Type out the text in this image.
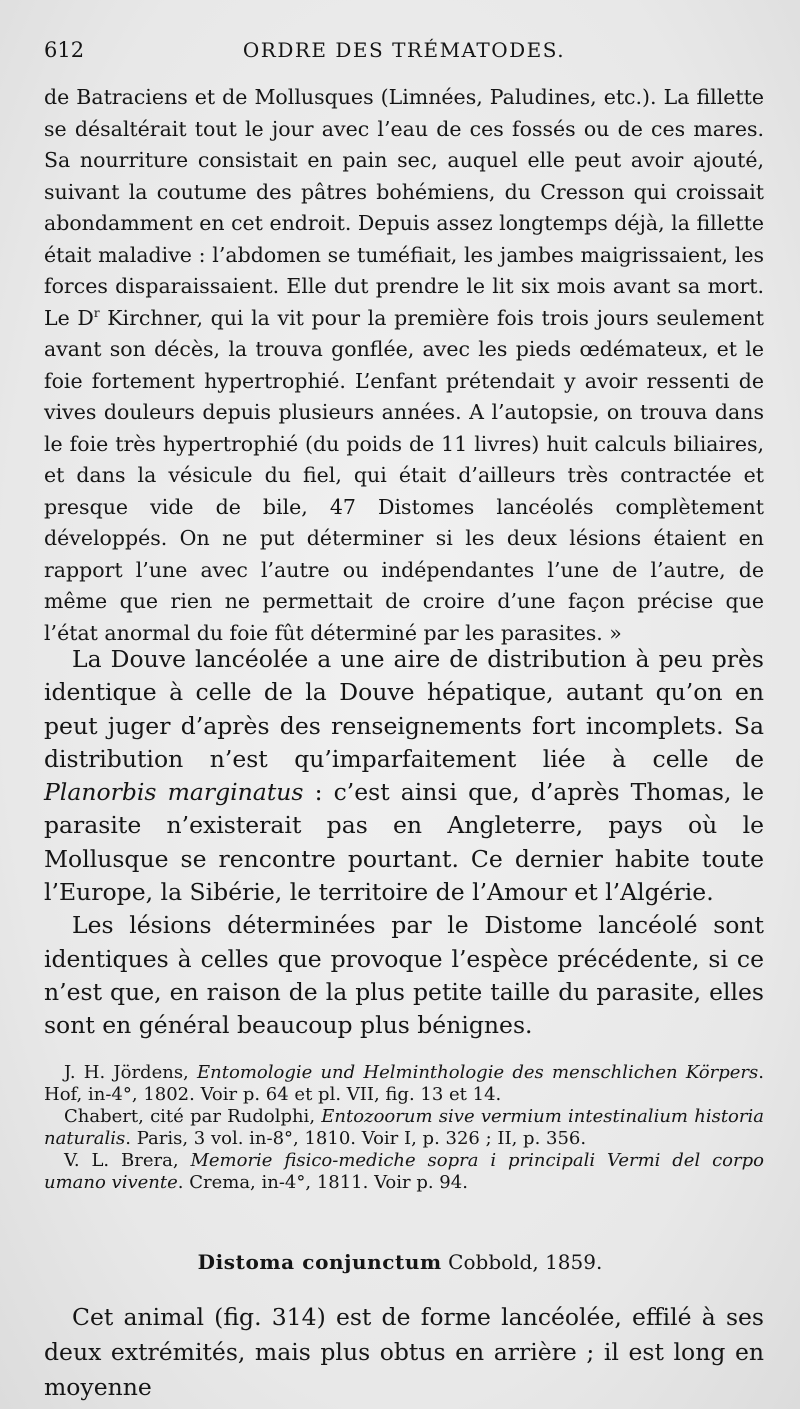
612	ORDRE DES TRÉMATODES.

de Batraciens et de Mollusques (Limnées, Paludines, etc.). La fillette se désaltérait tout le jour avec l’eau de ces fossés ou de ces mares. Sa nourriture consistait en pain sec, auquel elle peut avoir ajouté, suivant la coutume des pâtres bohémiens, du Cresson qui croissait abondamment en cet endroit. Depuis assez longtemps déjà, la fillette était maladive : l’abdomen se tuméfiait, les jambes maigrissaient, les forces disparaissaient. Elle dut prendre le lit six mois avant sa mort. Le $D^r$ Kirchner, qui la vit pour la première fois trois jours seulement avant son décès, la trouva gonflée, avec les pieds œdémateux, et le foie fortement hypertrophié. L’enfant prétendait y avoir ressenti de vives douleurs depuis plusieurs années. A l’autopsie, on trouva dans le foie très hypertrophié (du poids de 11 livres) huit calculs biliaires, et dans la vésicule du fiel, qui était d’ailleurs très contractée et presque vide de bile, 47 Distomes lancéolés complètement développés. On ne put déterminer si les deux lésions étaient en rapport l’une avec l’autre ou indépendantes l’une de l’autre, de même que rien ne permettait de croire d’une façon précise que l’état anormal du foie fût déterminé par les parasites. »

La Douve lancéolée a une aire de distribution à peu près identique à celle de la Douve hépatique, autant qu’on en peut juger d’après des renseignements fort incomplets. Sa distribution n’est qu’imparfaitement liée à celle de Planorbis marginatus : c’est ainsi que, d’après Thomas, le parasite n’existerait pas en Angleterre, pays où le Mollusque se rencontre pourtant. Ce dernier habite toute l’Europe, la Sibérie, le territoire de l’Amour et l’Algérie.

Les lésions déterminées par le Distome lancéolé sont identiques à celles que provoque l’espèce précédente, si ce n’est que, en raison de la plus petite taille du parasite, elles sont en général beaucoup plus bénignes.

J. H. Jördens, Entomologie und Helminthologie des menschlichen Körpers. Hof, in-4°, 1802. Voir p. 64 et pl. VII, fig. 13 et 14.

Chabert, cité par Rudolphi, Entozoorum sive vermium intestinalium historia naturalis. Paris, 3 vol. in-8°, 1810. Voir I, p. 326 ; II, p. 356.

V. L. Brera, Memorie fisico-mediche sopra i principali Vermi del corpo umano vivente. Crema, in-4°, 1811. Voir p. 94.

Distoma conjunctum Cobbold, 1859.

Cet animal (fig. 314) est de forme lancéolée, effilé à ses deux extrémités, mais plus obtus en arrière ; il est long en moyenne
